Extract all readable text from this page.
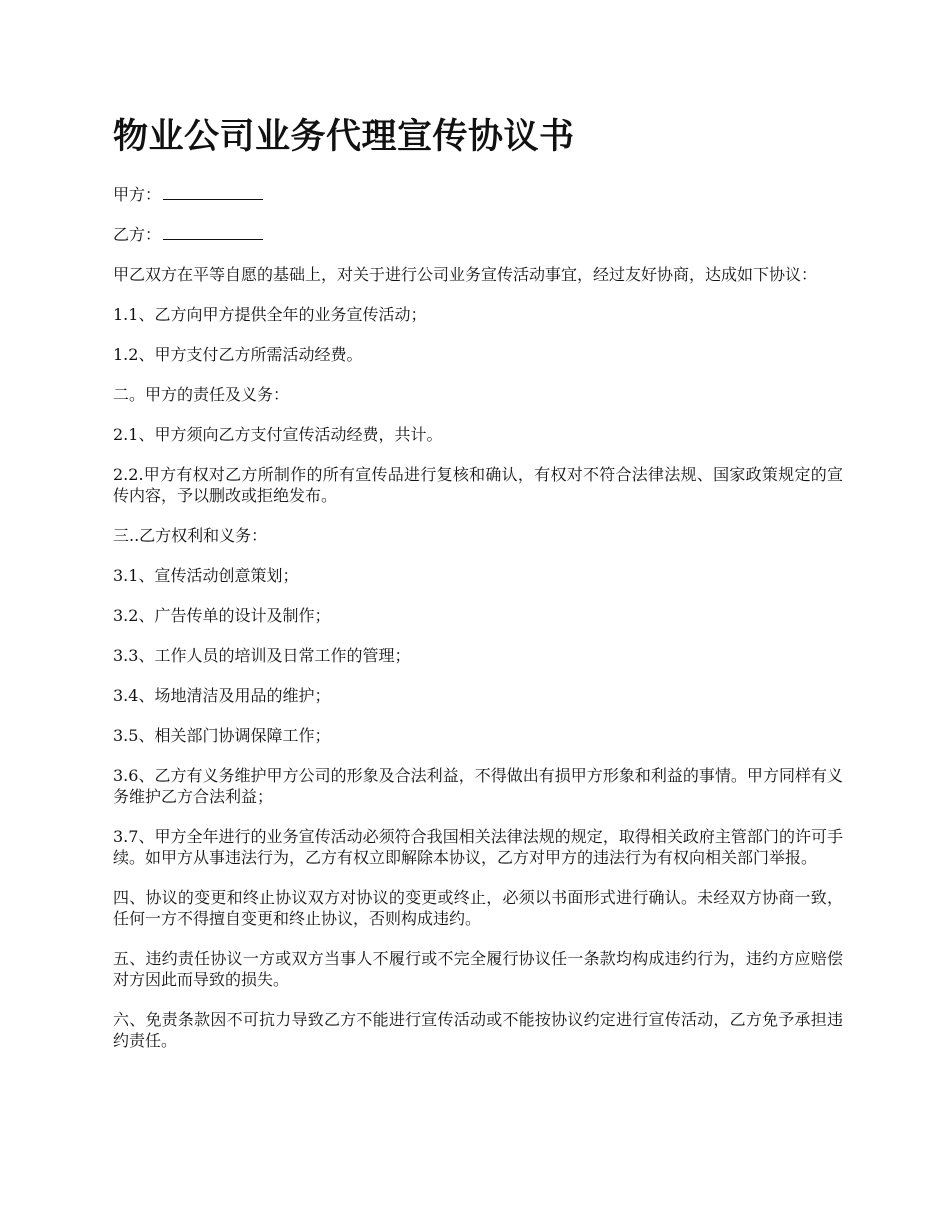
物业公司业务代理宣传协议书

甲方：

乙方：

甲乙双方在平等自愿的基础上，对关于进行公司业务宣传活动事宜，经过友好协商，达成如下协议：

1.1、乙方向甲方提供全年的业务宣传活动；

1.2、甲方支付乙方所需活动经费。

二。甲方的责任及义务：

2.1、甲方须向乙方支付宣传活动经费，共计。

2.2.甲方有权对乙方所制作的所有宣传品进行复核和确认，有权对不符合法律法规、国家政策规定的宣传内容，予以删改或拒绝发布。

三..乙方权利和义务：

3.1、宣传活动创意策划；

3.2、广告传单的设计及制作；

3.3、工作人员的培训及日常工作的管理；

3.4、场地清洁及用品的维护；

3.5、相关部门协调保障工作；

3.6、乙方有义务维护甲方公司的形象及合法利益，不得做出有损甲方形象和利益的事情。甲方同样有义务维护乙方合法利益；

3.7、甲方全年进行的业务宣传活动必须符合我国相关法律法规的规定，取得相关政府主管部门的许可手续。如甲方从事违法行为，乙方有权立即解除本协议，乙方对甲方的违法行为有权向相关部门举报。

四、协议的变更和终止协议双方对协议的变更或终止，必须以书面形式进行确认。未经双方协商一致，任何一方不得擅自变更和终止协议，否则构成违约。

五、违约责任协议一方或双方当事人不履行或不完全履行协议任一条款均构成违约行为，违约方应赔偿对方因此而导致的损失。

六、免责条款因不可抗力导致乙方不能进行宣传活动或不能按协议约定进行宣传活动，乙方免予承担违约责任。
